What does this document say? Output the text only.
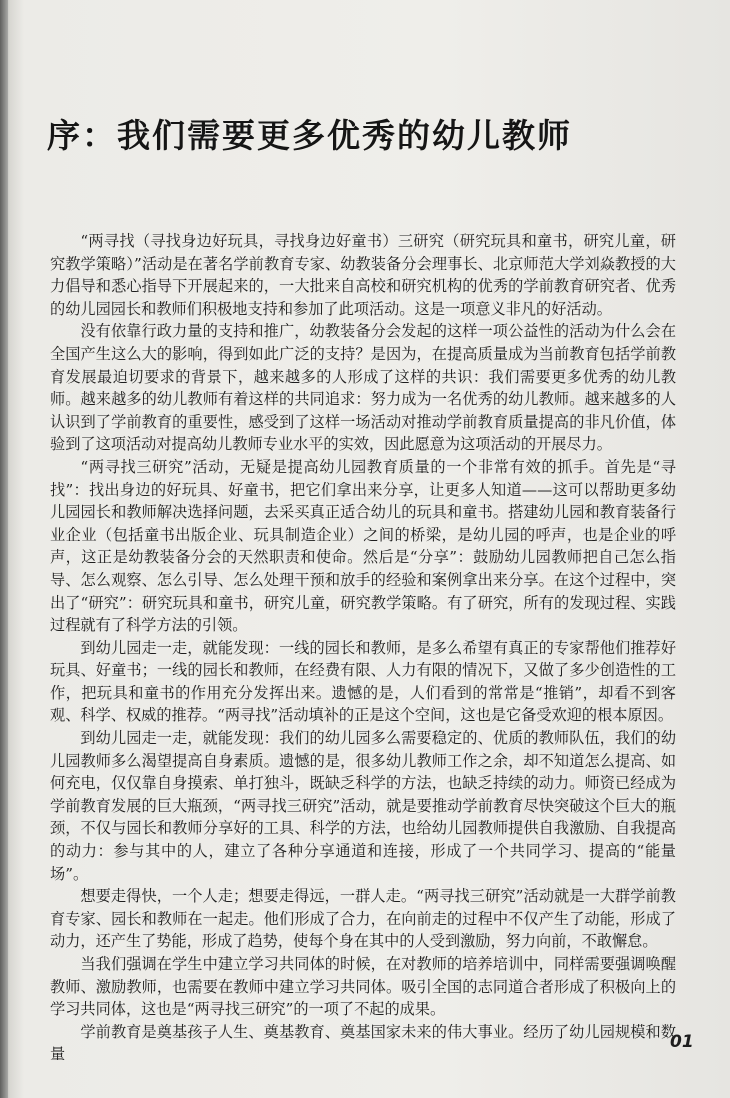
序：我们需要更多优秀的幼儿教师

“两寻找（寻找身边好玩具，寻找身边好童书）三研究（研究玩具和童书，研究儿童，研究教学策略）”活动是在著名学前教育专家、幼教装备分会理事长、北京师范大学刘焱教授的大力倡导和悉心指导下开展起来的，一大批来自高校和研究机构的优秀的学前教育研究者、优秀的幼儿园园长和教师们积极地支持和参加了此项活动。这是一项意义非凡的好活动。

没有依靠行政力量的支持和推广，幼教装备分会发起的这样一项公益性的活动为什么会在全国产生这么大的影响，得到如此广泛的支持？是因为，在提高质量成为当前教育包括学前教育发展最迫切要求的背景下，越来越多的人形成了这样的共识：我们需要更多优秀的幼儿教师。越来越多的幼儿教师有着这样的共同追求：努力成为一名优秀的幼儿教师。越来越多的人认识到了学前教育的重要性，感受到了这样一场活动对推动学前教育质量提高的非凡价值，体验到了这项活动对提高幼儿教师专业水平的实效，因此愿意为这项活动的开展尽力。

“两寻找三研究”活动，无疑是提高幼儿园教育质量的一个非常有效的抓手。首先是“寻找”：找出身边的好玩具、好童书，把它们拿出来分享，让更多人知道——这可以帮助更多幼儿园园长和教师解决选择问题，去采买真正适合幼儿的玩具和童书。搭建幼儿园和教育装备行业企业（包括童书出版企业、玩具制造企业）之间的桥梁，是幼儿园的呼声，也是企业的呼声，这正是幼教装备分会的天然职责和使命。然后是“分享”：鼓励幼儿园教师把自己怎么指导、怎么观察、怎么引导、怎么处理干预和放手的经验和案例拿出来分享。在这个过程中，突出了“研究”：研究玩具和童书，研究儿童，研究教学策略。有了研究，所有的发现过程、实践过程就有了科学方法的引领。

到幼儿园走一走，就能发现：一线的园长和教师，是多么希望有真正的专家帮他们推荐好玩具、好童书；一线的园长和教师，在经费有限、人力有限的情况下，又做了多少创造性的工作，把玩具和童书的作用充分发挥出来。遗憾的是，人们看到的常常是“推销”，却看不到客观、科学、权威的推荐。“两寻找”活动填补的正是这个空间，这也是它备受欢迎的根本原因。

到幼儿园走一走，就能发现：我们的幼儿园多么需要稳定的、优质的教师队伍，我们的幼儿园教师多么渴望提高自身素质。遗憾的是，很多幼儿教师工作之余，却不知道怎么提高、如何充电，仅仅靠自身摸索、单打独斗，既缺乏科学的方法，也缺乏持续的动力。师资已经成为学前教育发展的巨大瓶颈，“两寻找三研究”活动，就是要推动学前教育尽快突破这个巨大的瓶颈，不仅与园长和教师分享好的工具、科学的方法，也给幼儿园教师提供自我激励、自我提高的动力：参与其中的人，建立了各种分享通道和连接，形成了一个共同学习、提高的“能量场”。

想要走得快，一个人走；想要走得远，一群人走。“两寻找三研究”活动就是一大群学前教育专家、园长和教师在一起走。他们形成了合力，在向前走的过程中不仅产生了动能，形成了动力，还产生了势能，形成了趋势，使每个身在其中的人受到激励，努力向前，不敢懈怠。

当我们强调在学生中建立学习共同体的时候，在对教师的培养培训中，同样需要强调唤醒教师、激励教师，也需要在教师中建立学习共同体。吸引全国的志同道合者形成了积极向上的学习共同体，这也是“两寻找三研究”的一项了不起的成果。

学前教育是奠基孩子人生、奠基教育、奠基国家未来的伟大事业。经历了幼儿园规模和数量

01
